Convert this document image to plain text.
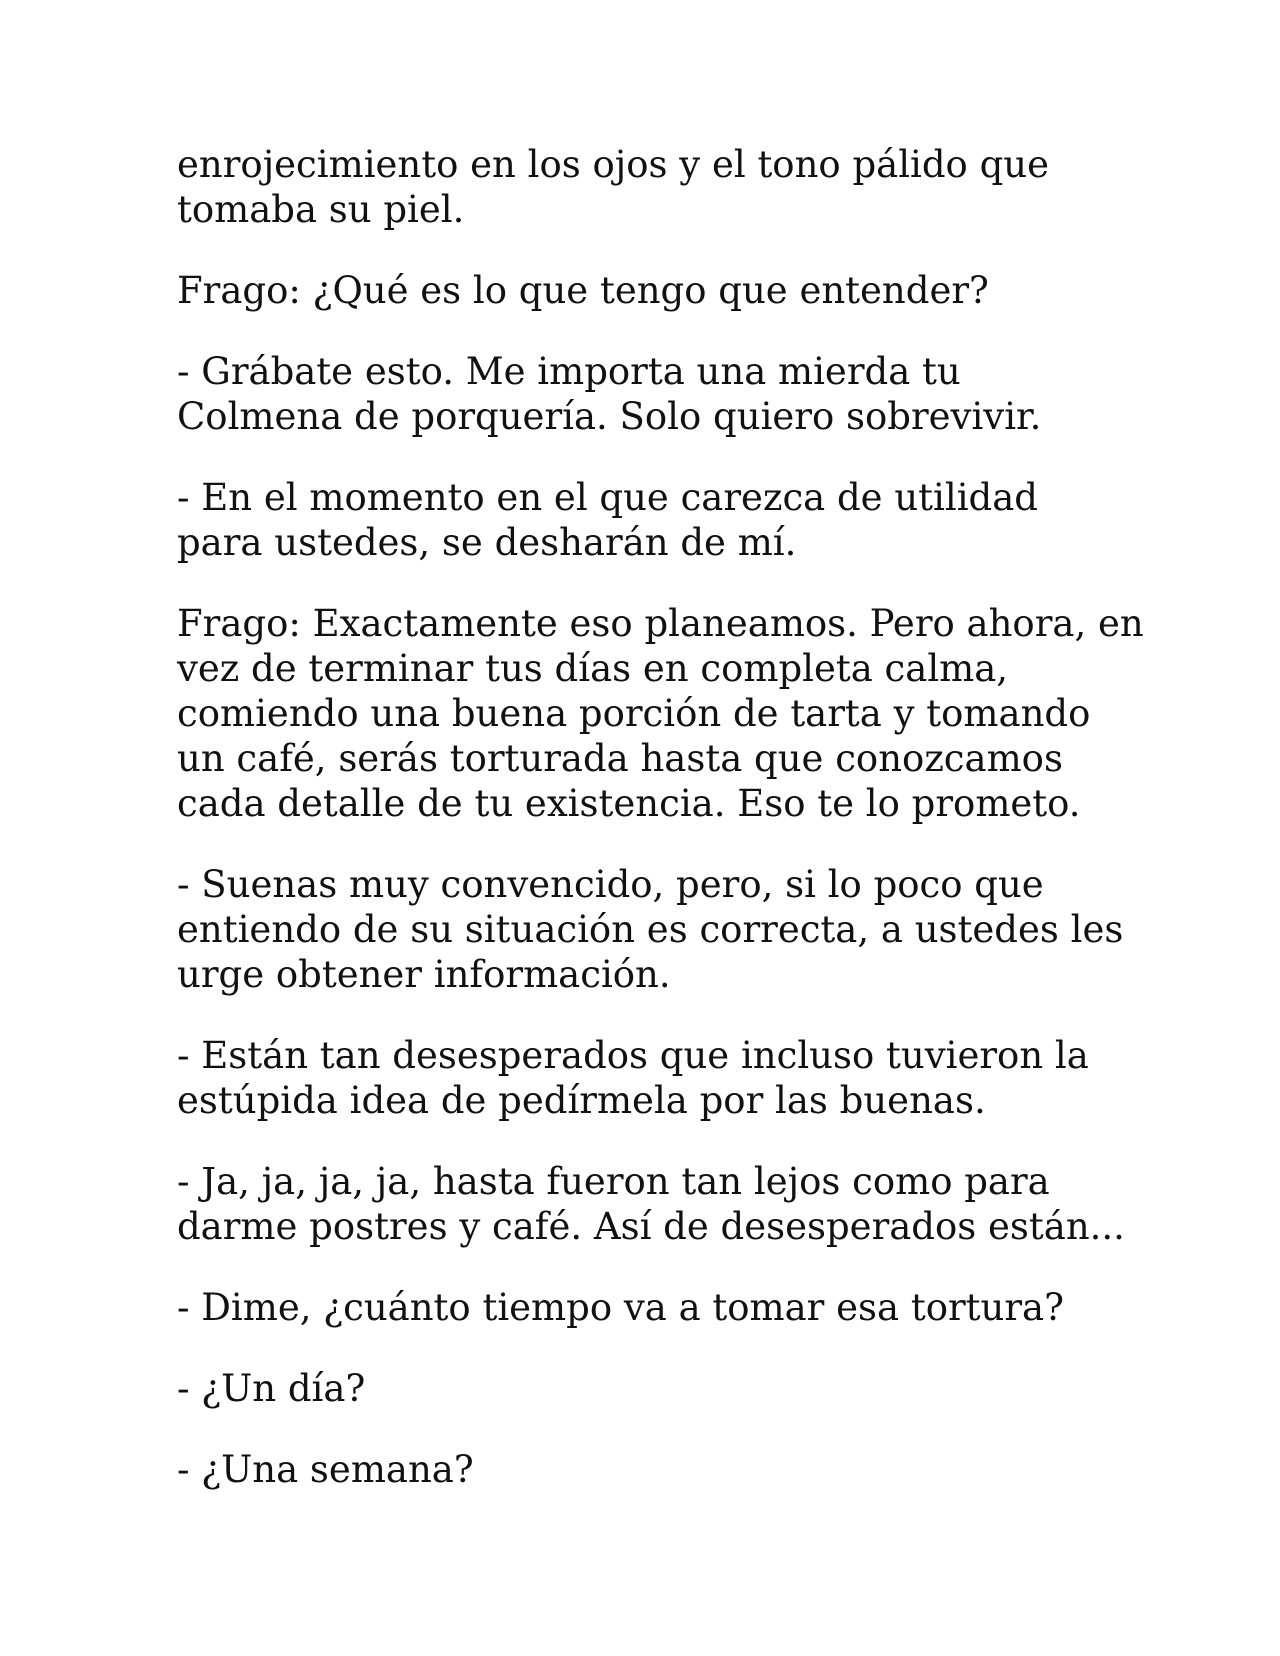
enrojecimiento en los ojos y el tono pálido que
tomaba su piel.

Frago: ¿Qué es lo que tengo que entender?

- Grábate esto. Me importa una mierda tu
Colmena de porquería. Solo quiero sobrevivir.

- En el momento en el que carezca de utilidad
para ustedes, se desharán de mí.

Frago: Exactamente eso planeamos. Pero ahora, en
vez de terminar tus días en completa calma,
comiendo una buena porción de tarta y tomando
un café, serás torturada hasta que conozcamos
cada detalle de tu existencia. Eso te lo prometo.

- Suenas muy convencido, pero, si lo poco que
entiendo de su situación es correcta, a ustedes les
urge obtener información.

- Están tan desesperados que incluso tuvieron la
estúpida idea de pedírmela por las buenas.

- Ja, ja, ja, ja, hasta fueron tan lejos como para
darme postres y café. Así de desesperados están...

- Dime, ¿cuánto tiempo va a tomar esa tortura?

- ¿Un día?

- ¿Una semana?
